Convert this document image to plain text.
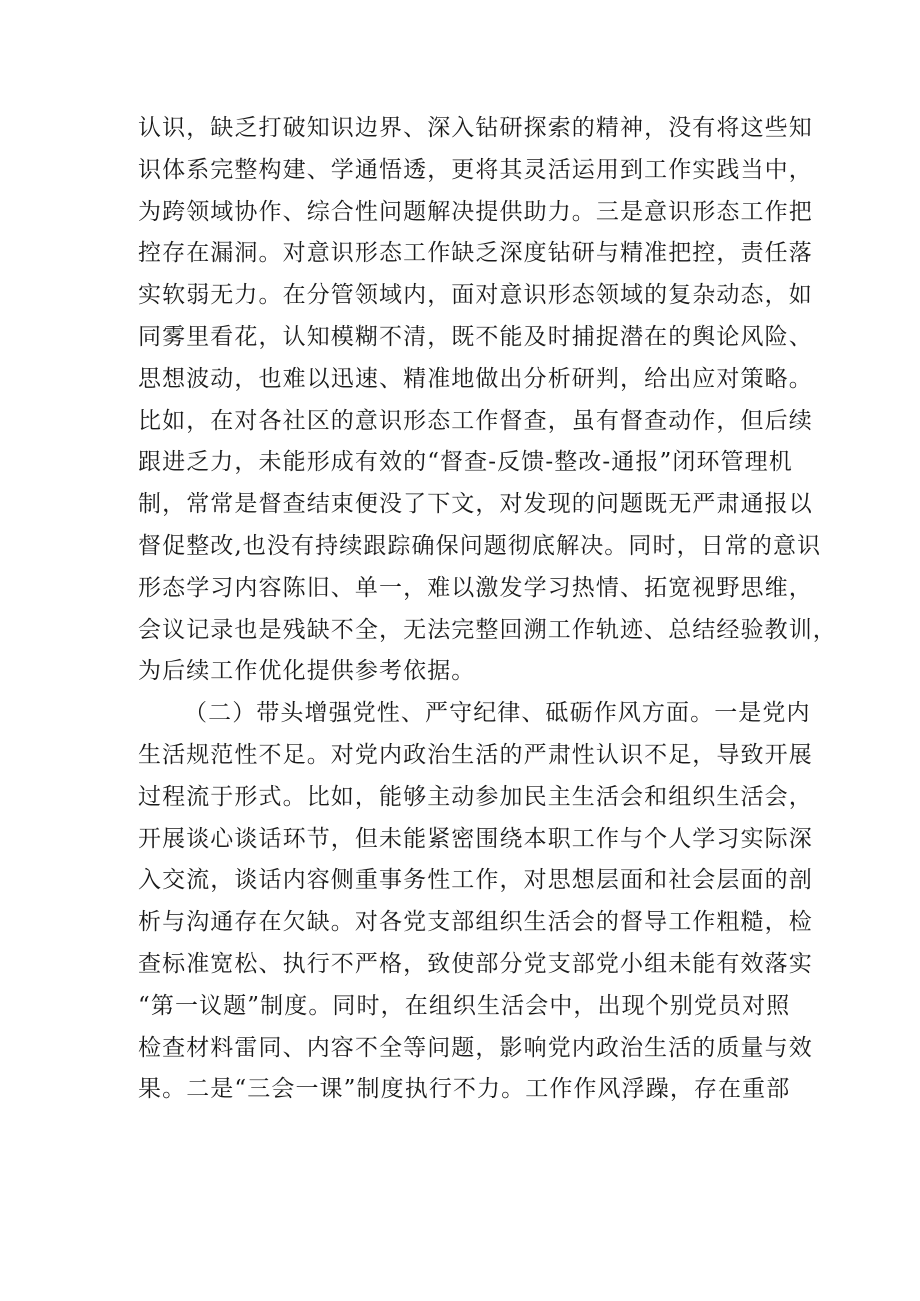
认识，缺乏打破知识边界、深入钻研探索的精神，没有将这些知
识体系完整构建、学通悟透，更将其灵活运用到工作实践当中，
为跨领域协作、综合性问题解决提供助力。三是意识形态工作把
控存在漏洞。对意识形态工作缺乏深度钻研与精准把控，责任落
实软弱无力。在分管领域内，面对意识形态领域的复杂动态，如
同雾里看花，认知模糊不清，既不能及时捕捉潜在的舆论风险、
思想波动，也难以迅速、精准地做出分析研判，给出应对策略。
比如，在对各社区的意识形态工作督查，虽有督查动作，但后续
跟进乏力，未能形成有效的“督查-反馈-整改-通报”闭环管理机
制，常常是督查结束便没了下文，对发现的问题既无严肃通报以
督促整改,也没有持续跟踪确保问题彻底解决。同时，日常的意识
形态学习内容陈旧、单一，难以激发学习热情、拓宽视野思维，
会议记录也是残缺不全，无法完整回溯工作轨迹、总结经验教训，
为后续工作优化提供参考依据。
（二）带头增强党性、严守纪律、砥砺作风方面。一是党内
生活规范性不足。对党内政治生活的严肃性认识不足，导致开展
过程流于形式。比如，能够主动参加民主生活会和组织生活会，
开展谈心谈话环节，但未能紧密围绕本职工作与个人学习实际深
入交流，谈话内容侧重事务性工作，对思想层面和社会层面的剖
析与沟通存在欠缺。对各党支部组织生活会的督导工作粗糙，检
查标准宽松、执行不严格，致使部分党支部党小组未能有效落实
“第一议题”制度。同时，在组织生活会中，出现个别党员对照
检查材料雷同、内容不全等问题，影响党内政治生活的质量与效
果。二是“三会一课”制度执行不力。工作作风浮躁，存在重部
